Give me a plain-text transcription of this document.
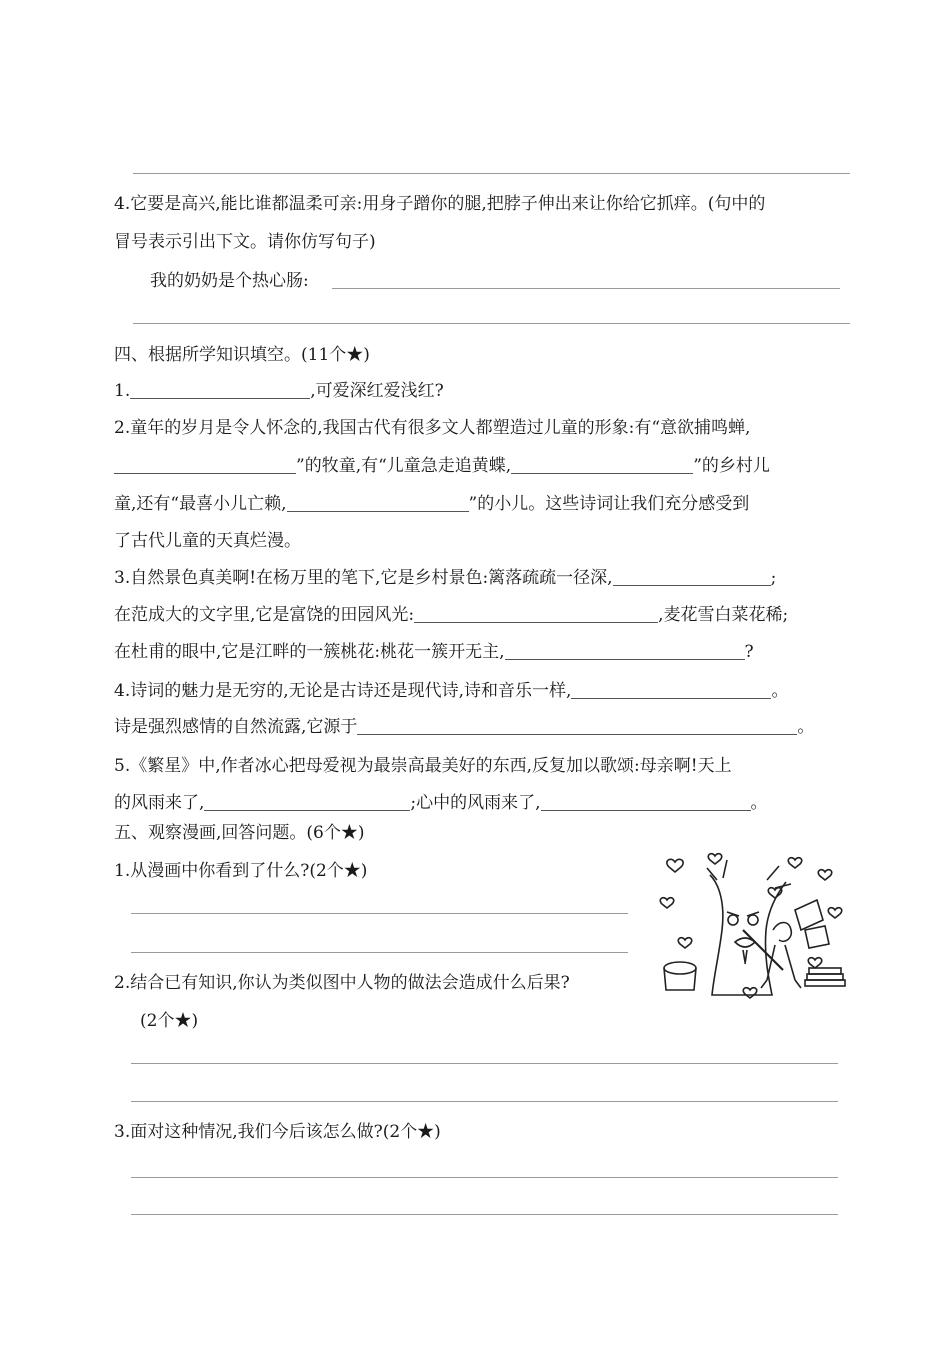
4.它要是高兴,能比谁都温柔可亲:用身子蹭你的腿,把脖子伸出来让你给它抓痒。(句中的
冒号表示引出下文。请你仿写句子)
我的奶奶是个热心肠:
四、根据所学知识填空。(11个★)
1.	,可爱深红爱浅红?
2.童年的岁月是令人怀念的,我国古代有很多文人都塑造过儿童的形象:有“意欲捕鸣蝉,
”的牧童,有“儿童急走追黄蝶,	”的乡村儿
童,还有“最喜小儿亡赖,	”的小儿。这些诗词让我们充分感受到
了古代儿童的天真烂漫。
3.自然景色真美啊!在杨万里的笔下,它是乡村景色:篱落疏疏一径深,	;
在范成大的文字里,它是富饶的田园风光:	,麦花雪白菜花稀;
在杜甫的眼中,它是江畔的一簇桃花:桃花一簇开无主,	?
4.诗词的魅力是无穷的,无论是古诗还是现代诗,诗和音乐一样,	。
诗是强烈感情的自然流露,它源于	。
5.《繁星》中,作者冰心把母爱视为最崇高最美好的东西,反复加以歌颂:母亲啊!天上
的风雨来了,	;心中的风雨来了,	。
五、观察漫画,回答问题。(6个★)
1.从漫画中你看到了什么?(2个★)
2.结合已有知识,你认为类似图中人物的做法会造成什么后果?
(2个★)
3.面对这种情况,我们今后该怎么做?(2个★)
